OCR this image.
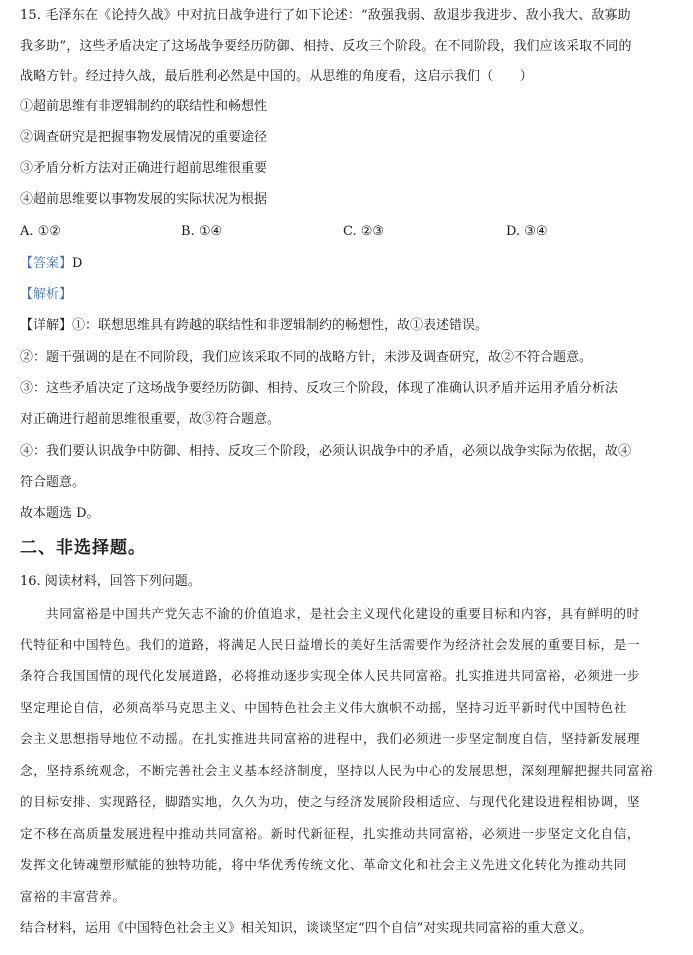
15. 毛泽东在《论持久战》中对抗日战争进行了如下论述：“敌强我弱、敌退步我进步、敌小我大、敌寡助
我多助”，这些矛盾决定了这场战争要经历防御、相持、反攻三个阶段。在不同阶段，我们应该采取不同的
战略方针。经过持久战，最后胜利必然是中国的。从思维的角度看，这启示我们（　　）
①超前思维有非逻辑制约的联结性和畅想性
②调查研究是把握事物发展情况的重要途径
③矛盾分析方法对正确进行超前思维很重要
④超前思维要以事物发展的实际状况为根据
A. ①②	B. ①④	C. ②③	D. ③④
【答案】D
【解析】
【详解】①：联想思维具有跨越的联结性和非逻辑制约的畅想性，故①表述错误。
②：题干强调的是在不同阶段，我们应该采取不同的战略方针，未涉及调查研究，故②不符合题意。
③：这些矛盾决定了这场战争要经历防御、相持、反攻三个阶段，体现了准确认识矛盾并运用矛盾分析法
对正确进行超前思维很重要，故③符合题意。
④：我们要认识战争中防御、相持、反攻三个阶段，必须认识战争中的矛盾，必须以战争实际为依据，故④
符合题意。
故本题选 D。
二、非选择题。
16. 阅读材料，回答下列问题。
共同富裕是中国共产党矢志不渝的价值追求，是社会主义现代化建设的重要目标和内容，具有鲜明的时
代特征和中国特色。我们的道路，将满足人民日益增长的美好生活需要作为经济社会发展的重要目标，是一
条符合我国国情的现代化发展道路，必将推动逐步实现全体人民共同富裕。扎实推进共同富裕，必须进一步
坚定理论自信，必须高举马克思主义、中国特色社会主义伟大旗帜不动摇，坚持习近平新时代中国特色社
会主义思想指导地位不动摇。在扎实推进共同富裕的进程中，我们必须进一步坚定制度自信，坚持新发展理
念，坚持系统观念，不断完善社会主义基本经济制度，坚持以人民为中心的发展思想，深刻理解把握共同富裕
的目标安排、实现路径，脚踏实地，久久为功，使之与经济发展阶段相适应、与现代化建设进程相协调，坚
定不移在高质量发展进程中推动共同富裕。新时代新征程，扎实推动共同富裕，必须进一步坚定文化自信，
发挥文化铸魂塑形赋能的独特功能，将中华优秀传统文化、革命文化和社会主义先进文化转化为推动共同
富裕的丰富营养。
结合材料，运用《中国特色社会主义》相关知识，谈谈坚定“四个自信”对实现共同富裕的重大意义。
